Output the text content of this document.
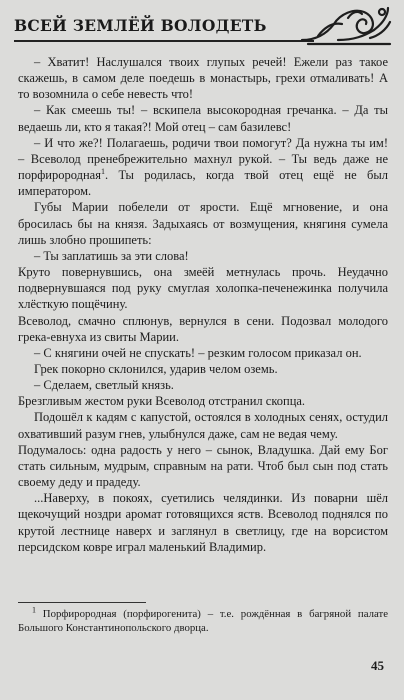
ВСЕЙ ЗЕМЛЁЙ ВОЛОДЕТЬ

– Хватит! Наслушался твоих глупых речей! Ежели раз такое скажешь, в самом деле поедешь в монастырь, грехи отмаливать! А то возомнила о себе невесть что!

– Как смеешь ты! – вскипела высокородная гречанка. – Да ты ведаешь ли, кто я такая?! Мой отец – сам базилевс!

– И что же?! Полагаешь, родичи твои помогут? Да нужна ты им! – Всеволод пренебрежительно махнул рукой. – Ты ведь даже не порфирородная$^1$. Ты родилась, когда твой отец ещё не был императором.

Губы Марии побелели от ярости. Ещё мгновение, и она бросилась бы на князя. Задыхаясь от возмущения, княгиня сумела лишь злобно прошипеть:

– Ты заплатишь за эти слова!

Круто повернувшись, она змеёй метнулась прочь. Неудачно подвернувшаяся под руку смуглая холопка-печенежинка получила хлёсткую пощёчину.

Всеволод, смачно сплюнув, вернулся в сени. Подозвал молодого грека-евнуха из свиты Марии.

– С княгини очей не спускать! – резким голосом приказал он.

Грек покорно склонился, ударив челом оземь.

– Сделаем, светлый князь.

Брезгливым жестом руки Всеволод отстранил скопца.

Подошёл к кадям с капустой, остоялся в холодных сенях, остудил охвативший разум гнев, улыбнулся даже, сам не ведая чему.

Подумалось: одна радость у него – сынок, Владушка. Дай ему Бог стать сильным, мудрым, справным на рати. Чтоб был сын под стать своему деду и прадеду.

...Наверху, в покоях, суетились челядинки. Из поварни шёл щекочущий ноздри аромат готовящихся яств. Всеволод поднялся по крутой лестнице наверх и заглянул в светлицу, где на ворсистом персидском ковре играл маленький Владимир.

$^1$ Порфирородная (порфирогенита) – т.е. рождённая в багряной палате Большого Константинопольского дворца.
45
